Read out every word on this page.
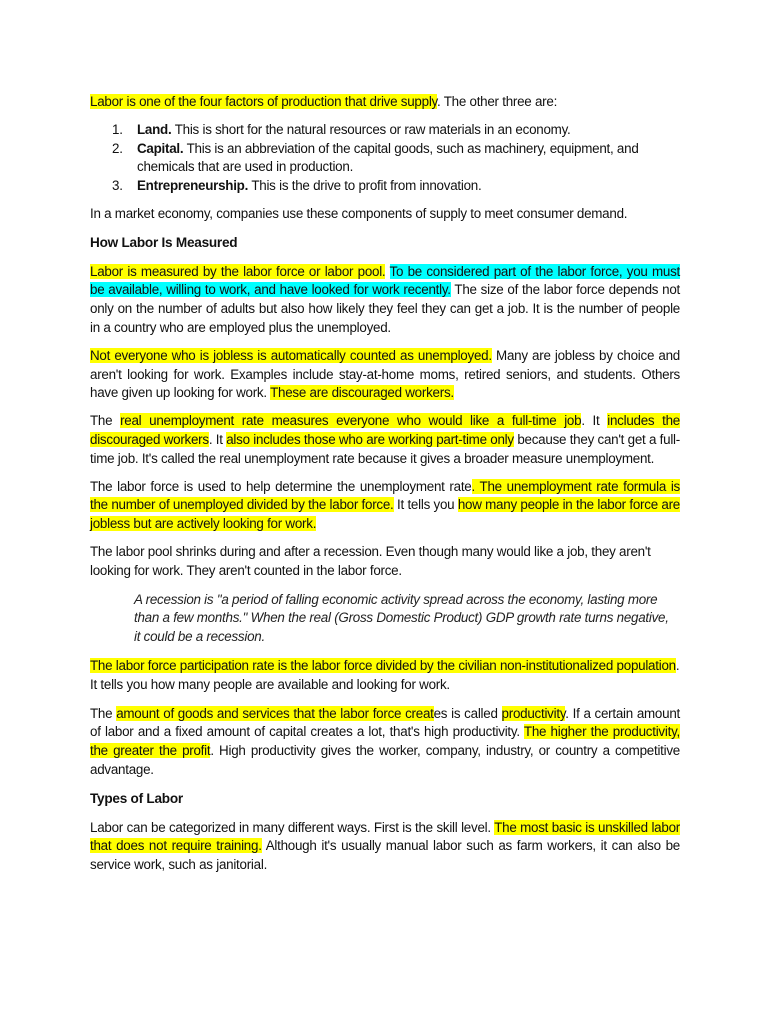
Labor is one of the four factors of production that drive supply. The other three are:

1. Land. This is short for the natural resources or raw materials in an economy.
2. Capital. This is an abbreviation of the capital goods, such as machinery, equipment, and chemicals that are used in production.
3. Entrepreneurship. This is the drive to profit from innovation.

In a market economy, companies use these components of supply to meet consumer demand.

How Labor Is Measured

Labor is measured by the labor force or labor pool. To be considered part of the labor force, you must be available, willing to work, and have looked for work recently. The size of the labor force depends not only on the number of adults but also how likely they feel they can get a job. It is the number of people in a country who are employed plus the unemployed.

Not everyone who is jobless is automatically counted as unemployed. Many are jobless by choice and aren't looking for work. Examples include stay-at-home moms, retired seniors, and students. Others have given up looking for work. These are discouraged workers.

The real unemployment rate measures everyone who would like a full-time job. It includes the discouraged workers. It also includes those who are working part-time only because they can't get a full-time job. It's called the real unemployment rate because it gives a broader measure unemployment.

The labor force is used to help determine the unemployment rate. The unemployment rate formula is the number of unemployed divided by the labor force. It tells you how many people in the labor force are jobless but are actively looking for work.

The labor pool shrinks during and after a recession. Even though many would like a job, they aren't looking for work. They aren't counted in the labor force.

A recession is "a period of falling economic activity spread across the economy, lasting more than a few months." When the real (Gross Domestic Product) GDP growth rate turns negative, it could be a recession.

The labor force participation rate is the labor force divided by the civilian non-institutionalized population. It tells you how many people are available and looking for work.

The amount of goods and services that the labor force creates is called productivity. If a certain amount of labor and a fixed amount of capital creates a lot, that's high productivity. The higher the productivity, the greater the profit. High productivity gives the worker, company, industry, or country a competitive advantage.

Types of Labor

Labor can be categorized in many different ways. First is the skill level. The most basic is unskilled labor that does not require training. Although it's usually manual labor such as farm workers, it can also be service work, such as janitorial.
